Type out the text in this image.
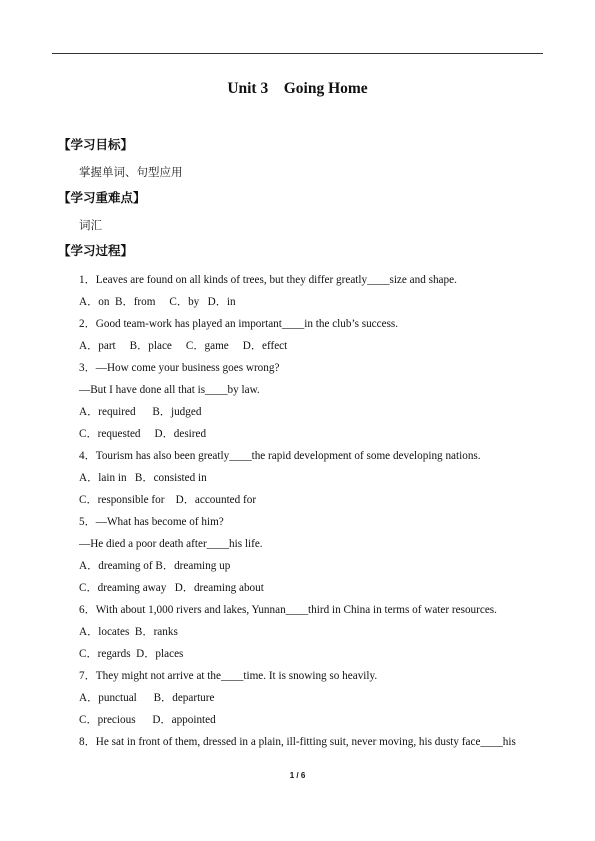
Unit 3    Going Home
【学习目标】
掌握单词、句型应用
【学习重难点】
词汇
【学习过程】
1．Leaves are found on all kinds of trees, but they differ greatly____size and shape.
A．on  B．from     C．by   D．in
2．Good team-work has played an important____in the club’s success.
A．part     B．place     C．game     D．effect
3．—How come your business goes wrong?
—But I have done all that is____by law.
A．required      B．judged
C．requested     D．desired
4．Tourism has also been greatly____the rapid development of some developing nations.
A．lain in   B．consisted in
C．responsible for    D．accounted for
5．—What has become of him?
—He died a poor death after____his life.
A．dreaming of B．dreaming up
C．dreaming away   D．dreaming about
6．With about 1,000 rivers and lakes, Yunnan____third in China in terms of water resources.
A．locates  B．ranks
C．regards  D．places
7．They might not arrive at the____time. It is snowing so heavily.
A．punctual      B．departure
C．precious      D．appointed
8．He sat in front of them, dressed in a plain, ill-fitting suit, never moving, his dusty face____his
1 / 6
